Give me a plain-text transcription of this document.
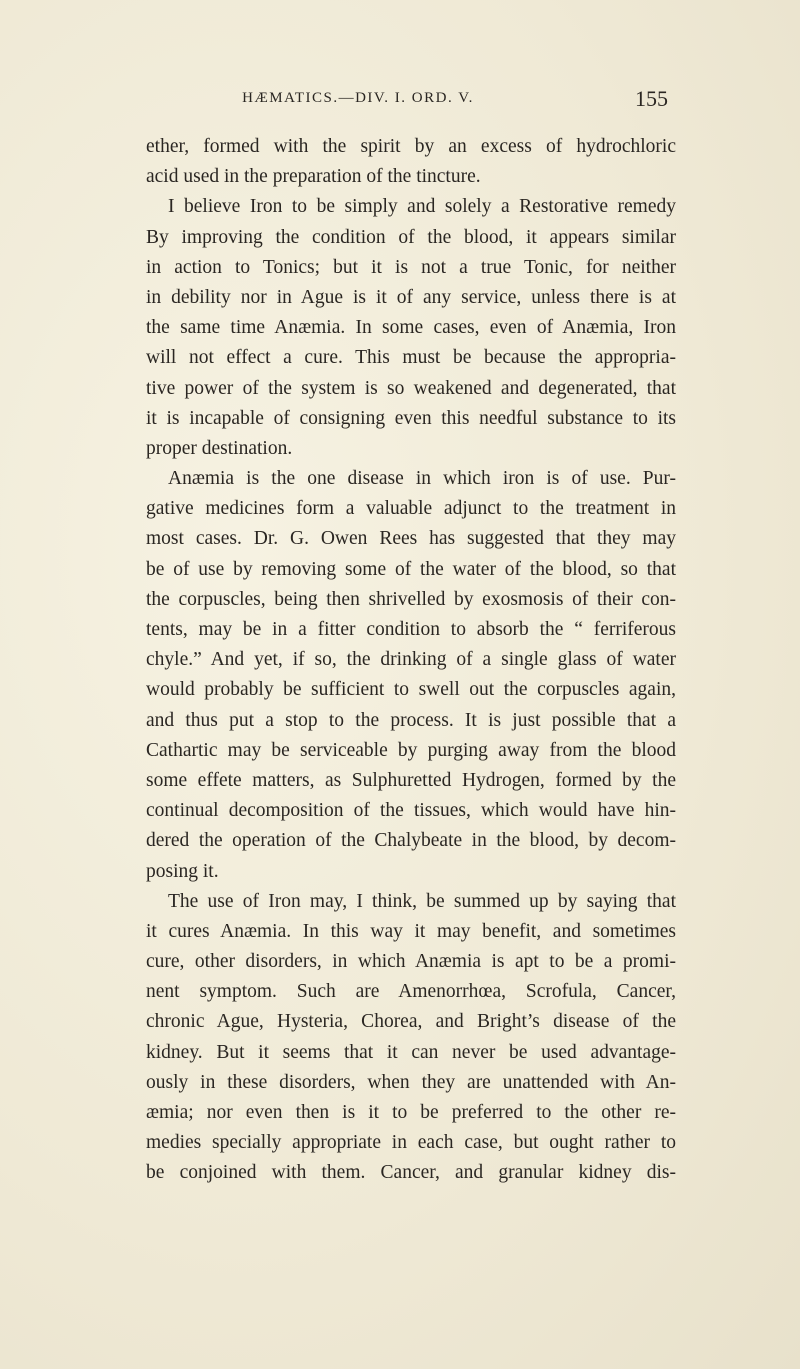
HÆMATICS.—DIV. I. ORD. V.	155
ether, formed with the spirit by an excess of hydrochloric
acid used in the preparation of the tincture.
I believe Iron to be simply and solely a Restorative remedy
By improving the condition of the blood, it appears similar
in action to Tonics; but it is not a true Tonic, for neither
in debility nor in Ague is it of any service, unless there is at
the same time Anæmia. In some cases, even of Anæmia, Iron
will not effect a cure. This must be because the appropria-
tive power of the system is so weakened and degenerated, that
it is incapable of consigning even this needful substance to its
proper destination.
Anæmia is the one disease in which iron is of use. Pur-
gative medicines form a valuable adjunct to the treatment in
most cases. Dr. G. Owen Rees has suggested that they may
be of use by removing some of the water of the blood, so that
the corpuscles, being then shrivelled by exosmosis of their con-
tents, may be in a fitter condition to absorb the “ ferriferous
chyle.” And yet, if so, the drinking of a single glass of water
would probably be sufficient to swell out the corpuscles again,
and thus put a stop to the process. It is just possible that a
Cathartic may be serviceable by purging away from the blood
some effete matters, as Sulphuretted Hydrogen, formed by the
continual decomposition of the tissues, which would have hin-
dered the operation of the Chalybeate in the blood, by decom-
posing it.
The use of Iron may, I think, be summed up by saying that
it cures Anæmia. In this way it may benefit, and sometimes
cure, other disorders, in which Anæmia is apt to be a promi-
nent symptom. Such are Amenorrhœa, Scrofula, Cancer,
chronic Ague, Hysteria, Chorea, and Bright’s disease of the
kidney. But it seems that it can never be used advantage-
ously in these disorders, when they are unattended with An-
æmia; nor even then is it to be preferred to the other re-
medies specially appropriate in each case, but ought rather to
be conjoined with them. Cancer, and granular kidney dis-
